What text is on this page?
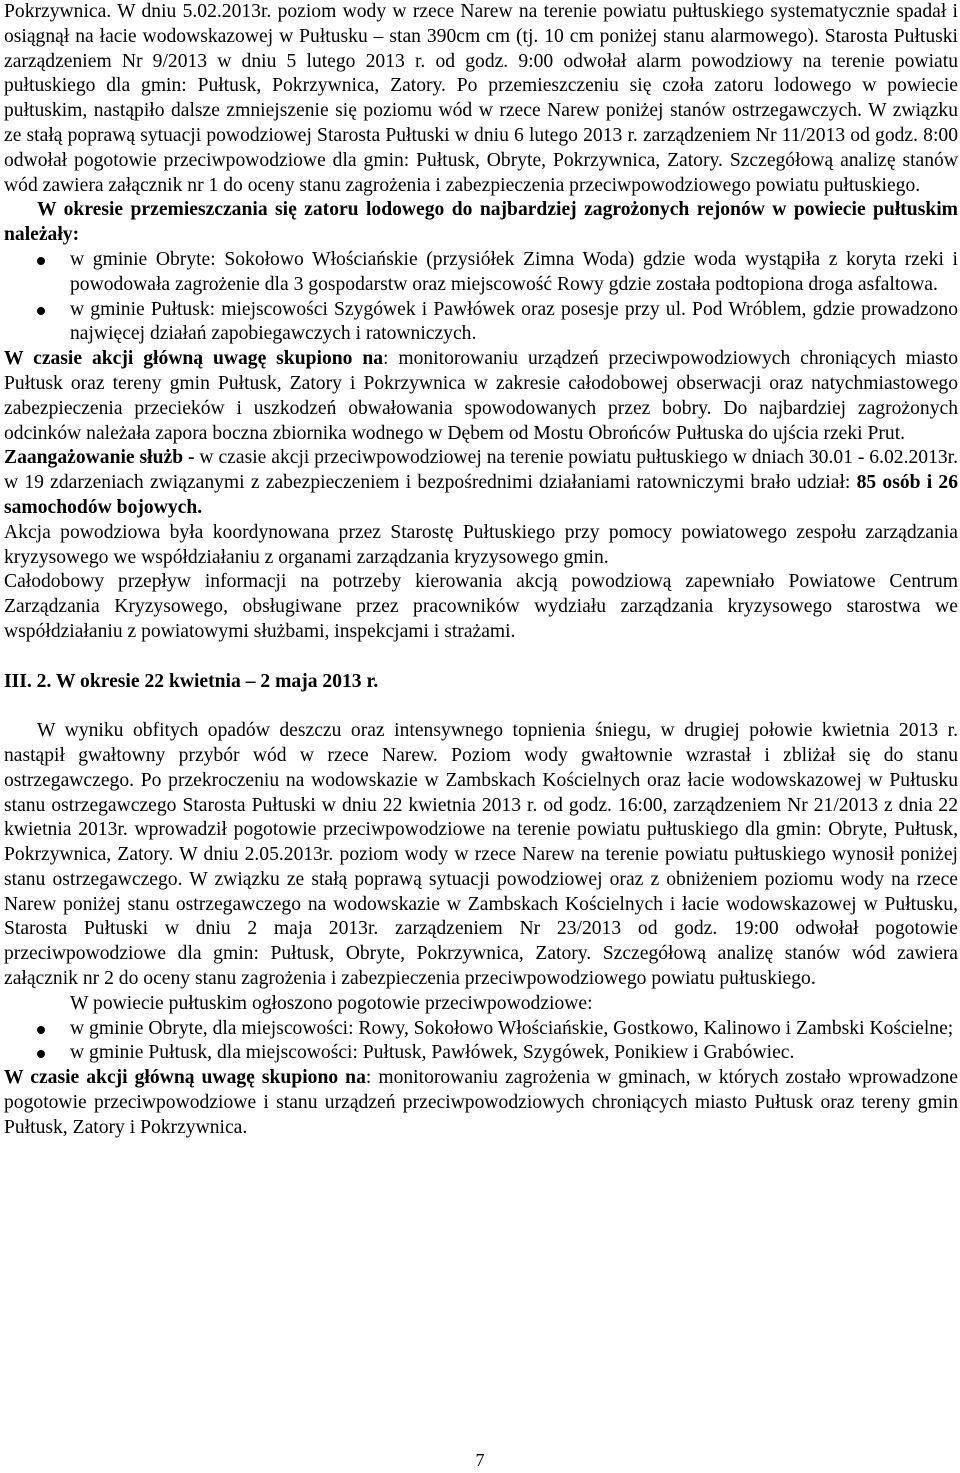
Pokrzywnica. W dniu 5.02.2013r. poziom wody w rzece Narew na terenie powiatu pułtuskiego systematycznie spadał i osiągnął na łacie wodowskazowej w Pułtusku – stan 390cm cm (tj. 10 cm poniżej stanu alarmowego). Starosta Pułtuski zarządzeniem Nr 9/2013 w dniu 5 lutego 2013 r. od godz. 9:00 odwołał alarm powodziowy na terenie powiatu pułtuskiego dla gmin: Pułtusk, Pokrzywnica, Zatory. Po przemieszczeniu się czoła zatoru lodowego w powiecie pułtuskim, nastąpiło dalsze zmniejszenie się poziomu wód w rzece Narew poniżej stanów ostrzegawczych. W związku ze stałą poprawą sytuacji powodziowej Starosta Pułtuski w dniu 6 lutego 2013 r. zarządzeniem Nr 11/2013 od godz. 8:00 odwołał pogotowie przeciwpowodziowe dla gmin: Pułtusk, Obryte, Pokrzywnica, Zatory. Szczegółową analizę stanów wód zawiera załącznik nr 1 do oceny stanu zagrożenia i zabezpieczenia przeciwpowodziowego powiatu pułtuskiego.

W okresie przemieszczania się zatoru lodowego do najbardziej zagrożonych rejonów w powiecie pułtuskim należały:

w gminie Obryte: Sokołowo Włościańskie (przysiółek Zimna Woda) gdzie woda wystąpiła z koryta rzeki i powodowała zagrożenie dla 3 gospodarstw oraz miejscowość Rowy gdzie została podtopiona droga asfaltowa.
w gminie Pułtusk: miejscowości Szygówek i Pawłówek oraz posesje przy ul. Pod Wróblem, gdzie prowadzono najwięcej działań zapobiegawczych i ratowniczych.

W czasie akcji główną uwagę skupiono na: monitorowaniu urządzeń przeciwpowodziowych chroniących miasto Pułtusk oraz tereny gmin Pułtusk, Zatory i Pokrzywnica w zakresie całodobowej obserwacji oraz natychmiastowego zabezpieczenia przecieków i uszkodzeń obwałowania spowodowanych przez bobry. Do najbardziej zagrożonych odcinków należała zapora boczna zbiornika wodnego w Dębem od Mostu Obrońców Pułtuska do ujścia rzeki Prut.

Zaangażowanie służb - w czasie akcji przeciwpowodziowej na terenie powiatu pułtuskiego w dniach 30.01 - 6.02.2013r. w 19 zdarzeniach związanymi z zabezpieczeniem i bezpośrednimi działaniami ratowniczymi brało udział: 85 osób i 26 samochodów bojowych.

Akcja powodziowa była koordynowana przez Starostę Pułtuskiego przy pomocy powiatowego zespołu zarządzania kryzysowego we współdziałaniu z organami zarządzania kryzysowego gmin.

Całodobowy przepływ informacji na potrzeby kierowania akcją powodziową zapewniało Powiatowe Centrum Zarządzania Kryzysowego, obsługiwane przez pracowników wydziału zarządzania kryzysowego starostwa we współdziałaniu z powiatowymi służbami, inspekcjami i strażami.

III. 2. W okresie 22 kwietnia – 2 maja 2013 r.

W wyniku obfitych opadów deszczu oraz intensywnego topnienia śniegu, w drugiej połowie kwietnia 2013 r. nastąpił gwałtowny przybór wód w rzece Narew. Poziom wody gwałtownie wzrastał i zbliżał się do stanu ostrzegawczego. Po przekroczeniu na wodowskazie w Zambskach Kościelnych oraz łacie wodowskazowej w Pułtusku stanu ostrzegawczego Starosta Pułtuski w dniu 22 kwietnia 2013 r. od godz. 16:00, zarządzeniem Nr 21/2013 z dnia 22 kwietnia 2013r. wprowadził pogotowie przeciwpowodziowe na terenie powiatu pułtuskiego dla gmin: Obryte, Pułtusk, Pokrzywnica, Zatory. W dniu 2.05.2013r. poziom wody w rzece Narew na terenie powiatu pułtuskiego wynosił poniżej stanu ostrzegawczego. W związku ze stałą poprawą sytuacji powodziowej oraz z obniżeniem poziomu wody na rzece Narew poniżej stanu ostrzegawczego na wodowskazie w Zambskach Kościelnych i łacie wodowskazowej w Pułtusku, Starosta Pułtuski w dniu 2 maja 2013r. zarządzeniem Nr 23/2013 od godz. 19:00 odwołał pogotowie przeciwpowodziowe dla gmin: Pułtusk, Obryte, Pokrzywnica, Zatory. Szczegółową analizę stanów wód zawiera załącznik nr 2 do oceny stanu zagrożenia i zabezpieczenia przeciwpowodziowego powiatu pułtuskiego.

W powiecie pułtuskim ogłoszono pogotowie przeciwpowodziowe:

w gminie Obryte, dla miejscowości: Rowy, Sokołowo Włościańskie, Gostkowo, Kalinowo i Zambski Kościelne;
w gminie Pułtusk, dla miejscowości: Pułtusk, Pawłówek, Szygówek, Ponikiew i Grabówiec.

W czasie akcji główną uwagę skupiono na: monitorowaniu zagrożenia w gminach, w których zostało wprowadzone pogotowie przeciwpowodziowe i stanu urządzeń przeciwpowodziowych chroniących miasto Pułtusk oraz tereny gmin Pułtusk, Zatory i Pokrzywnica.

7
